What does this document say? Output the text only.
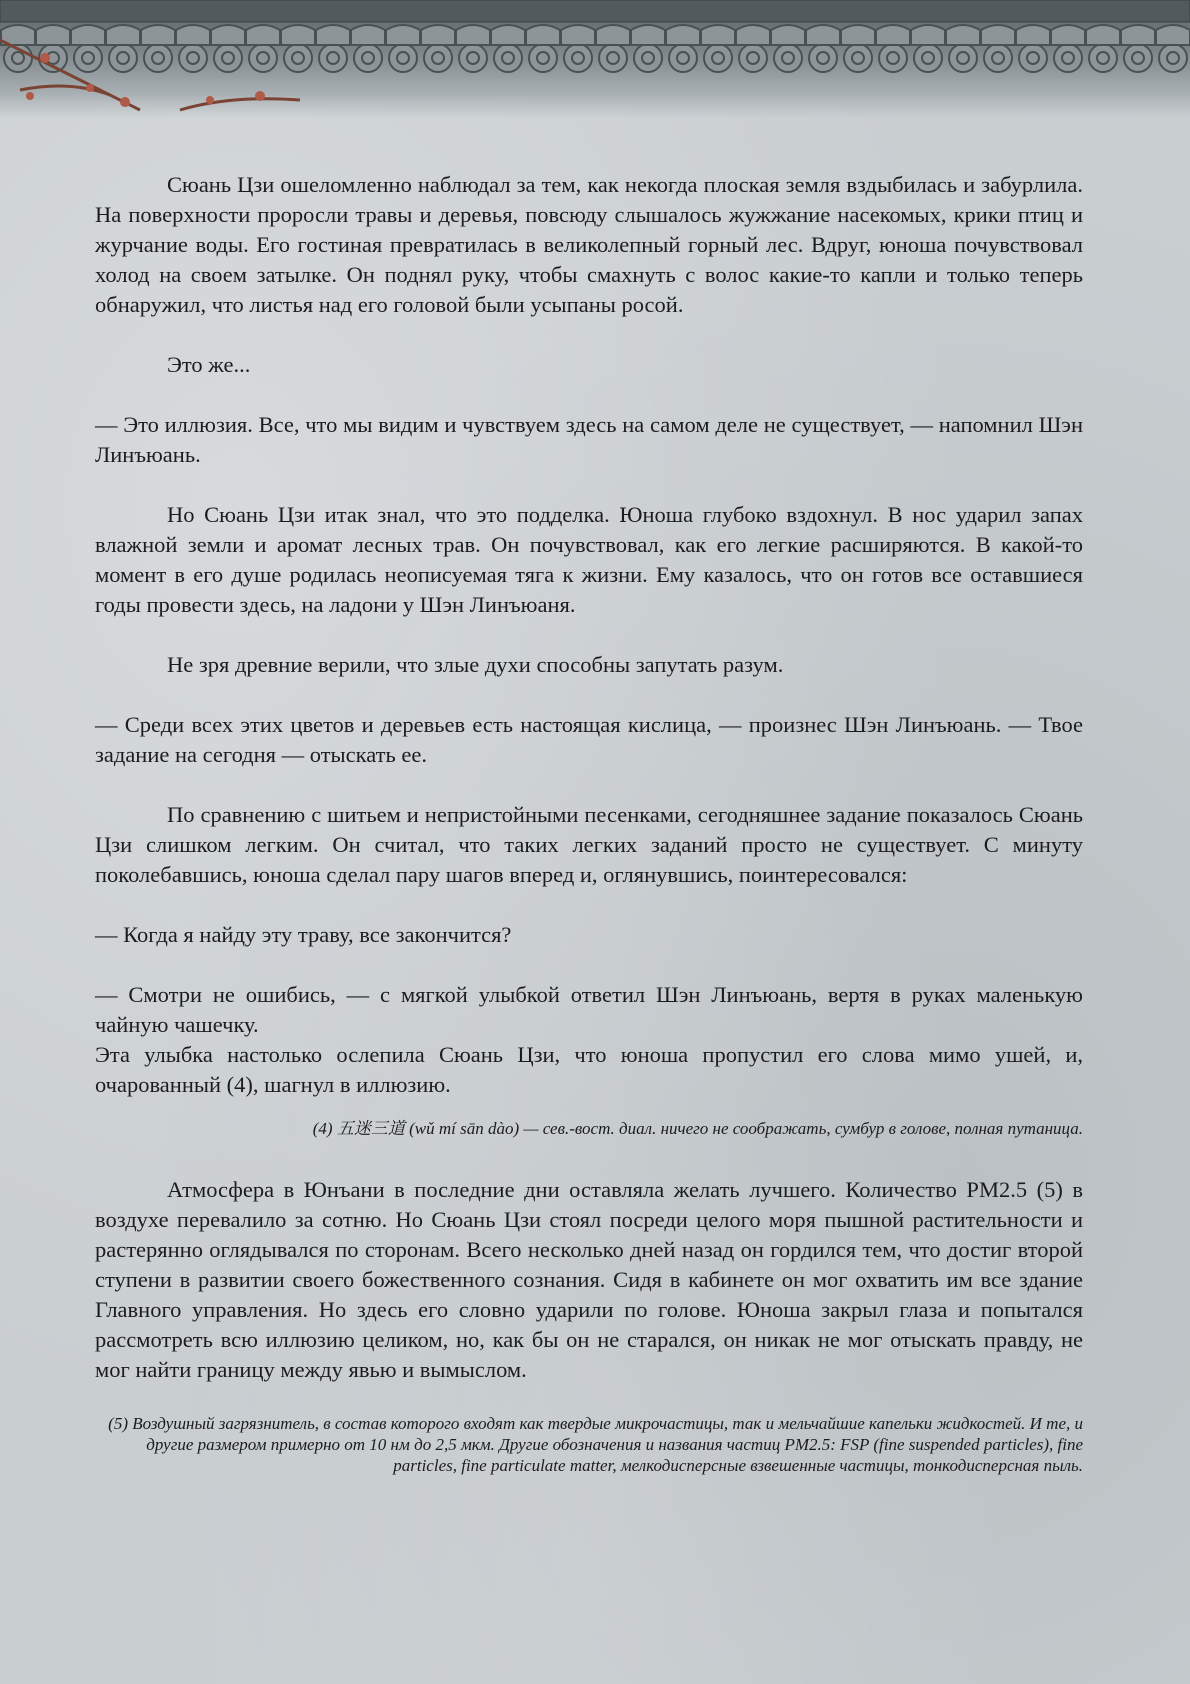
Сюань Цзи ошеломленно наблюдал за тем, как некогда плоская земля вздыбилась и забурлила. На поверхности проросли травы и деревья, повсюду слышалось жужжание насекомых, крики птиц и журчание воды. Его гостиная превратилась в великолепный горный лес. Вдруг, юноша почувствовал холод на своем затылке. Он поднял руку, чтобы смахнуть с волос какие-то капли и только теперь обнаружил, что листья над его головой были усыпаны росой.

Это же...

— Это иллюзия. Все, что мы видим и чувствуем здесь на самом деле не существует, — напомнил Шэн Линъюань.

Но Сюань Цзи итак знал, что это подделка. Юноша глубоко вздохнул. В нос ударил запах влажной земли и аромат лесных трав. Он почувствовал, как его легкие расширяются. В какой-то момент в его душе родилась неописуемая тяга к жизни. Ему казалось, что он готов все оставшиеся годы провести здесь, на ладони у Шэн Линъюаня.

Не зря древние верили, что злые духи способны запутать разум.

— Среди всех этих цветов и деревьев есть настоящая кислица, — произнес Шэн Линъюань. — Твое задание на сегодня — отыскать ее.

По сравнению с шитьем и непристойными песенками, сегодняшнее задание показалось Сюань Цзи слишком легким. Он считал, что таких легких заданий просто не существует. С минуту поколебавшись, юноша сделал пару шагов вперед и, оглянувшись, поинтересовался:

— Когда я найду эту траву, все закончится?

— Смотри не ошибись, — с мягкой улыбкой ответил Шэн Линъюань, вертя в руках маленькую чайную чашечку.

Эта улыбка настолько ослепила Сюань Цзи, что юноша пропустил его слова мимо ушей, и, очарованный (4), шагнул в иллюзию.

(4) 五迷三道 (wǔ mí sān dào) — сев.-вост. диал. ничего не соображать, сумбур в голове, полная путаница.

Атмосфера в Юнъани в последние дни оставляла желать лучшего. Количество PM2.5 (5) в воздухе перевалило за сотню. Но Сюань Цзи стоял посреди целого моря пышной растительности и растерянно оглядывался по сторонам. Всего несколько дней назад он гордился тем, что достиг второй ступени в развитии своего божественного сознания. Сидя в кабинете он мог охватить им все здание Главного управления. Но здесь его словно ударили по голове. Юноша закрыл глаза и попытался рассмотреть всю иллюзию целиком, но, как бы он не старался, он никак не мог отыскать правду, не мог найти границу между явью и вымыслом.

(5) Воздушный загрязнитель, в состав которого входят как твердые микрочастицы, так и мельчайшие капельки жидкостей. И те, и другие размером примерно от 10 нм до 2,5 мкм. Другие обозначения и названия частиц PM2.5: FSP (fine suspended particles), fine particles, fine particulate matter, мелкодисперсные взвешенные частицы, тонкодисперсная пыль.
